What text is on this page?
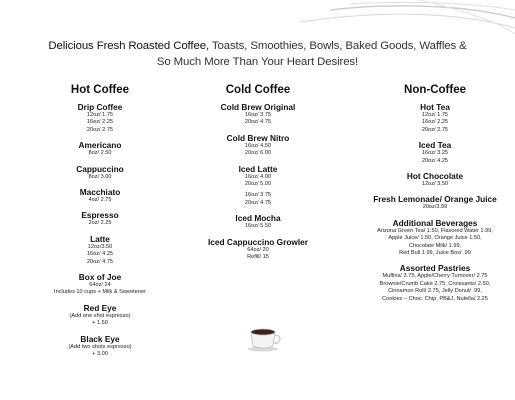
Delicious Fresh Roasted Coffee, Toasts, Smoothies, Bowls, Baked Goods, Waffles &
So Much More Than Your Heart Desires!
Hot Coffee
Drip Coffee
12oz/ 1.75
16oz/ 2.25
20oz/ 2.75
Americano
8oz/ 2.50
Cappuccino
8oz/ 3.00
Macchiato
4oz/ 2.75
Espresso
2oz/ 2.25
Latte
12oz/3.50
16oz/ 4.25
20oz/ 4.75
Box of Joe
64oz/ 24
Includes 10 cups + Milk & Sweetener
Red Eye
(Add one shot espresso)
+ 1.50
Black Eye
(Add two shots espresso)
+ 3.00
Cold Coffee
Cold Brew Original
16oz/ 3.75
20oz/ 4.75
Cold Brew Nitro
16oz/ 4.50
20oz/ 6.00
Iced Latte
16oz/ 4.00
20oz/ 5.00
16oz/ 3.75
20oz/ 4.75
Iced Mocha
16oz/ 5.50
Iced Cappuccino Growler
64oz/ 20
Refill/ 15
Non-Coffee
Hot Tea
12oz/ 1.75
16oz/ 2.25
20oz/ 2.75
Iced Tea
16oz/ 3.25
20oz/ 4.25
Hot Chocolate
12oz/ 3.50
Fresh Lemonade/ Orange Juice
20oz/3.99
Additional Beverages
Arizona Green Tea/ 1.50, Flavored Water 1.99,
Apple Juice/ 1.50, Orange Juice 1.50,
Chocolate Milk/ 1.99,
Red Bull 1.99, Juice Box/ .99
Assorted Pastries
Muffins/ 3.75, Apple/Cherry Turnover/ 2.75
Brownie/Crumb Cake 2.75, Croissants/ 2.50,
Cinnamon Roll/ 2.75, Jelly Donut/ .99,
Cookies – Choc. Chip, PB&J, Nutella/ 2.25
